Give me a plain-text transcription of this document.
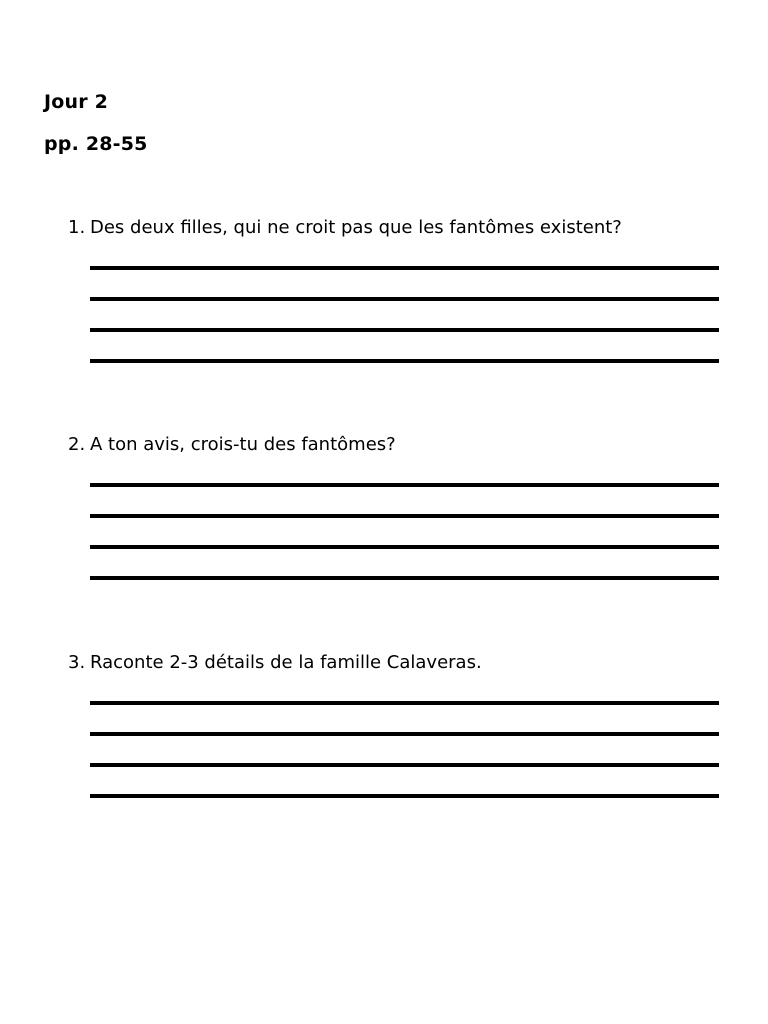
Jour 2
pp. 28-55
1. Des deux filles, qui ne croit pas que les fantômes existent?
2. A ton avis, crois-tu des fantômes?
3. Raconte 2-3 détails de la famille Calaveras.
